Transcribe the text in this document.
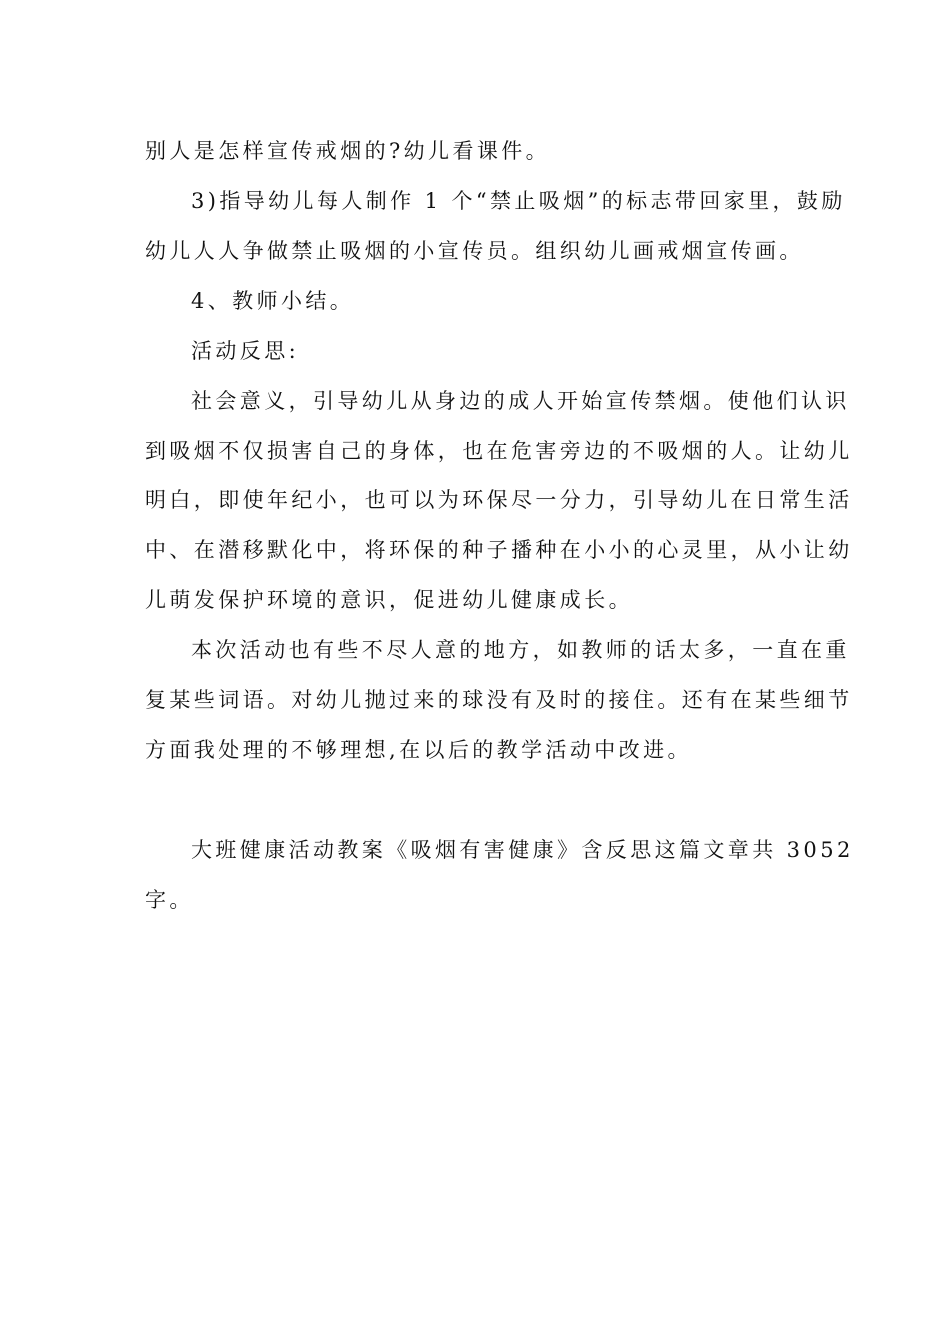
别人是怎样宣传戒烟的?幼儿看课件。
3)指导幼儿每人制作 1 个“禁止吸烟”的标志带回家里，鼓励
幼儿人人争做禁止吸烟的小宣传员。组织幼儿画戒烟宣传画。
4、教师小结。
活动反思:
社会意义，引导幼儿从身边的成人开始宣传禁烟。使他们认识
到吸烟不仅损害自己的身体，也在危害旁边的不吸烟的人。让幼儿
明白，即使年纪小，也可以为环保尽一分力，引导幼儿在日常生活
中、在潜移默化中，将环保的种子播种在小小的心灵里，从小让幼
儿萌发保护环境的意识，促进幼儿健康成长。
本次活动也有些不尽人意的地方，如教师的话太多，一直在重
复某些词语。对幼儿抛过来的球没有及时的接住。还有在某些细节
方面我处理的不够理想,在以后的教学活动中改进。
大班健康活动教案《吸烟有害健康》含反思这篇文章共 3052
字。
